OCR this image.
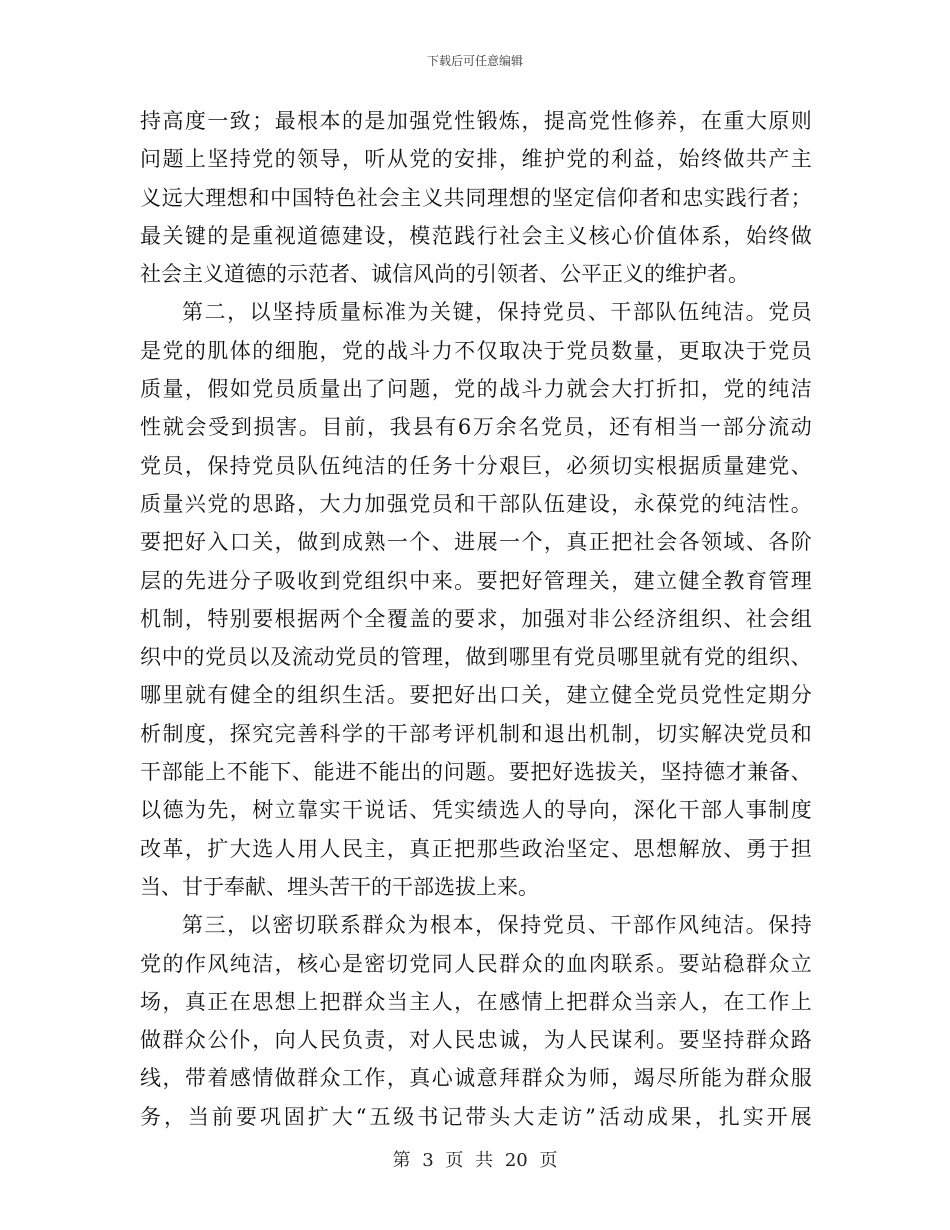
下载后可任意编辑
持 高 度 一 致 ； 最 根 本 的 是 加 强 党 性 锻 炼 ， 提 高 党 性 修 养 ， 在 重 大 原 则
问 题 上 坚 持 党 的 领 导 ， 听 从 党 的 安 排 ， 维 护 党 的 利 益 ， 始 终 做 共 产 主
义 远 大 理 想 和 中 国 特 色 社 会 主 义 共 同 理 想 的 坚 定 信 仰 者 和 忠 实 践 行 者 ；
最 关 键 的 是 重 视 道 德 建 设 ， 模 范 践 行 社 会 主 义 核 心 价 值 体 系 ， 始 终 做
社会主义道德的示范者、诚信风尚的引领者、公平正义的维护者。
第 二 ， 以 坚 持 质 量 标 准 为 关 键 ， 保 持 党 员 、 干 部 队 伍 纯 洁 。 党 员
是 党 的 肌 体 的 细 胞 ， 党 的 战 斗 力 不 仅 取 决 于 党 员 数 量 ， 更 取 决 于 党 员
质 量 ， 假 如 党 员 质 量 出 了 问 题 ， 党 的 战 斗 力 就 会 大 打 折 扣 ， 党 的 纯 洁
性 就 会 受 到 损 害 。 目 前 ， 我 县 有 6 万 余 名 党 员 ， 还 有 相 当 一 部 分 流 动
党 员 ， 保 持 党 员 队 伍 纯 洁 的 任 务 十 分 艰 巨 ， 必 须 切 实 根 据 质 量 建 党 、
质 量 兴 党 的 思 路 ， 大 力 加 强 党 员 和 干 部 队 伍 建 设 ， 永 葆 党 的 纯 洁 性 。
要 把 好 入 口 关 ， 做 到 成 熟 一 个 、 进 展 一 个 ， 真 正 把 社 会 各 领 域 、 各 阶
层 的 先 进 分 子 吸 收 到 党 组 织 中 来 。 要 把 好 管 理 关 ， 建 立 健 全 教 育 管 理
机 制 ， 特 别 要 根 据 两 个 全 覆 盖 的 要 求 ， 加 强 对 非 公 经 济 组 织 、 社 会 组
织 中 的 党 员 以 及 流 动 党 员 的 管 理 ， 做 到 哪 里 有 党 员 哪 里 就 有 党 的 组 织 、
哪 里 就 有 健 全 的 组 织 生 活 。 要 把 好 出 口 关 ， 建 立 健 全 党 员 党 性 定 期 分
析 制 度 ， 探 究 完 善 科 学 的 干 部 考 评 机 制 和 退 出 机 制 ， 切 实 解 决 党 员 和
干 部 能 上 不 能 下 、 能 进 不 能 出 的 问 题 。 要 把 好 选 拔 关 ， 坚 持 德 才 兼 备 、
以 德 为 先 ， 树 立 靠 实 干 说 话 、 凭 实 绩 选 人 的 导 向 ， 深 化 干 部 人 事 制 度
改 革 ， 扩 大 选 人 用 人 民 主 ， 真 正 把 那 些 政 治 坚 定 、 思 想 解 放 、 勇 于 担
当、甘于奉献、埋头苦干的干部选拔上来。
第 三 ， 以 密 切 联 系 群 众 为 根 本 ， 保 持 党 员 、 干 部 作 风 纯 洁 。 保 持
党 的 作 风 纯 洁 ， 核 心 是 密 切 党 同 人 民 群 众 的 血 肉 联 系 。 要 站 稳 群 众 立
场 ， 真 正 在 思 想 上 把 群 众 当 主 人 ， 在 感 情 上 把 群 众 当 亲 人 ， 在 工 作 上
做 群 众 公 仆 ， 向 人 民 负 责 ， 对 人 民 忠 诚 ， 为 人 民 谋 利 。 要 坚 持 群 众 路
线 ， 带 着 感 情 做 群 众 工 作 ， 真 心 诚 意 拜 群 众 为 师 ， 竭 尽 所 能 为 群 众 服
务 ， 当 前 要 巩 固 扩 大 “ 五 级 书 记 带 头 大 走 访 ” 活 动 成 果 ， 扎 实 开 展
第 3 页 共 20 页
